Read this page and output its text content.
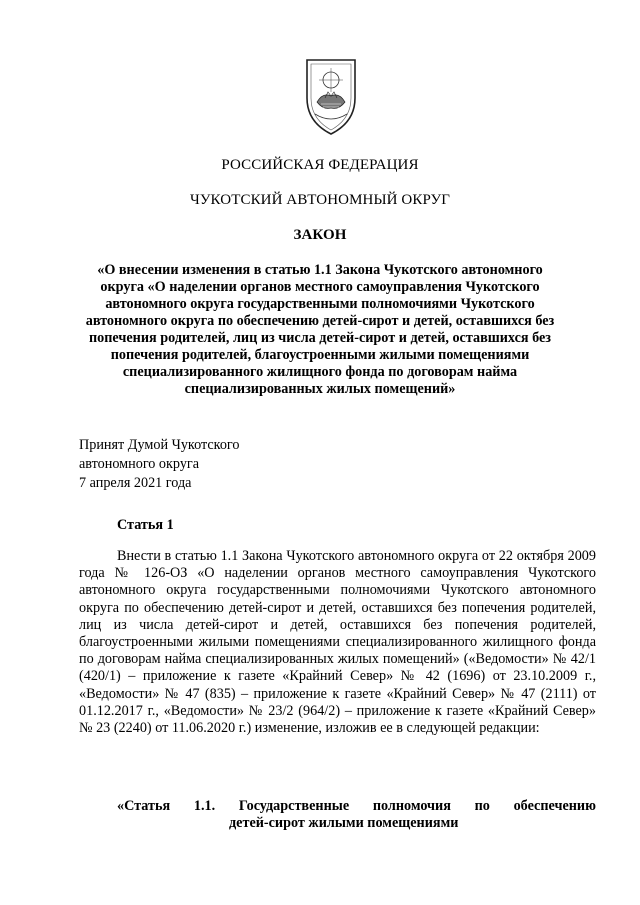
РОССИЙСКАЯ ФЕДЕРАЦИЯ
ЧУКОТСКИЙ АВТОНОМНЫЙ ОКРУГ
ЗАКОН
«О внесении изменения в статью 1.1 Закона Чукотского автономного
округа «О наделении органов местного самоуправления Чукотского
автономного округа государственными полномочиями Чукотского
автономного округа по обеспечению детей-сирот и детей, оставшихся без
попечения родителей, лиц из числа детей-сирот и детей, оставшихся без
попечения родителей, благоустроенными жилыми помещениями
специализированного жилищного фонда по договорам найма
специализированных жилых помещений»
Принят Думой Чукотского
автономного округа
7 апреля 2021 года
Статья 1
Внести в статью 1.1 Закона Чукотского автономного округа от 22 октября 2009 года № 126-ОЗ «О наделении органов местного самоуправления Чукотского автономного округа государственными полномочиями Чукотского автономного округа по обеспечению детей-сирот и детей, оставшихся без попечения родителей, лиц из числа детей-сирот и детей, оставшихся без попечения родителей, благоустроенными жилыми помещениями специализированного жилищного фонда по договорам найма специализированных жилых помещений» («Ведомости» № 42/1 (420/1) – приложение к газете «Крайний Север» № 42 (1696) от 23.10.2009 г., «Ведомости» № 47 (835) – приложение к газете «Крайний Север» № 47 (2111) от 01.12.2017 г., «Ведомости» № 23/2 (964/2) – приложение к газете «Крайний Север» № 23 (2240) от 11.06.2020 г.) изменение, изложив ее в следующей редакции:
«Статья 1.1. Государственные полномочия по обеспечению
детей-сирот жилыми помещениями
